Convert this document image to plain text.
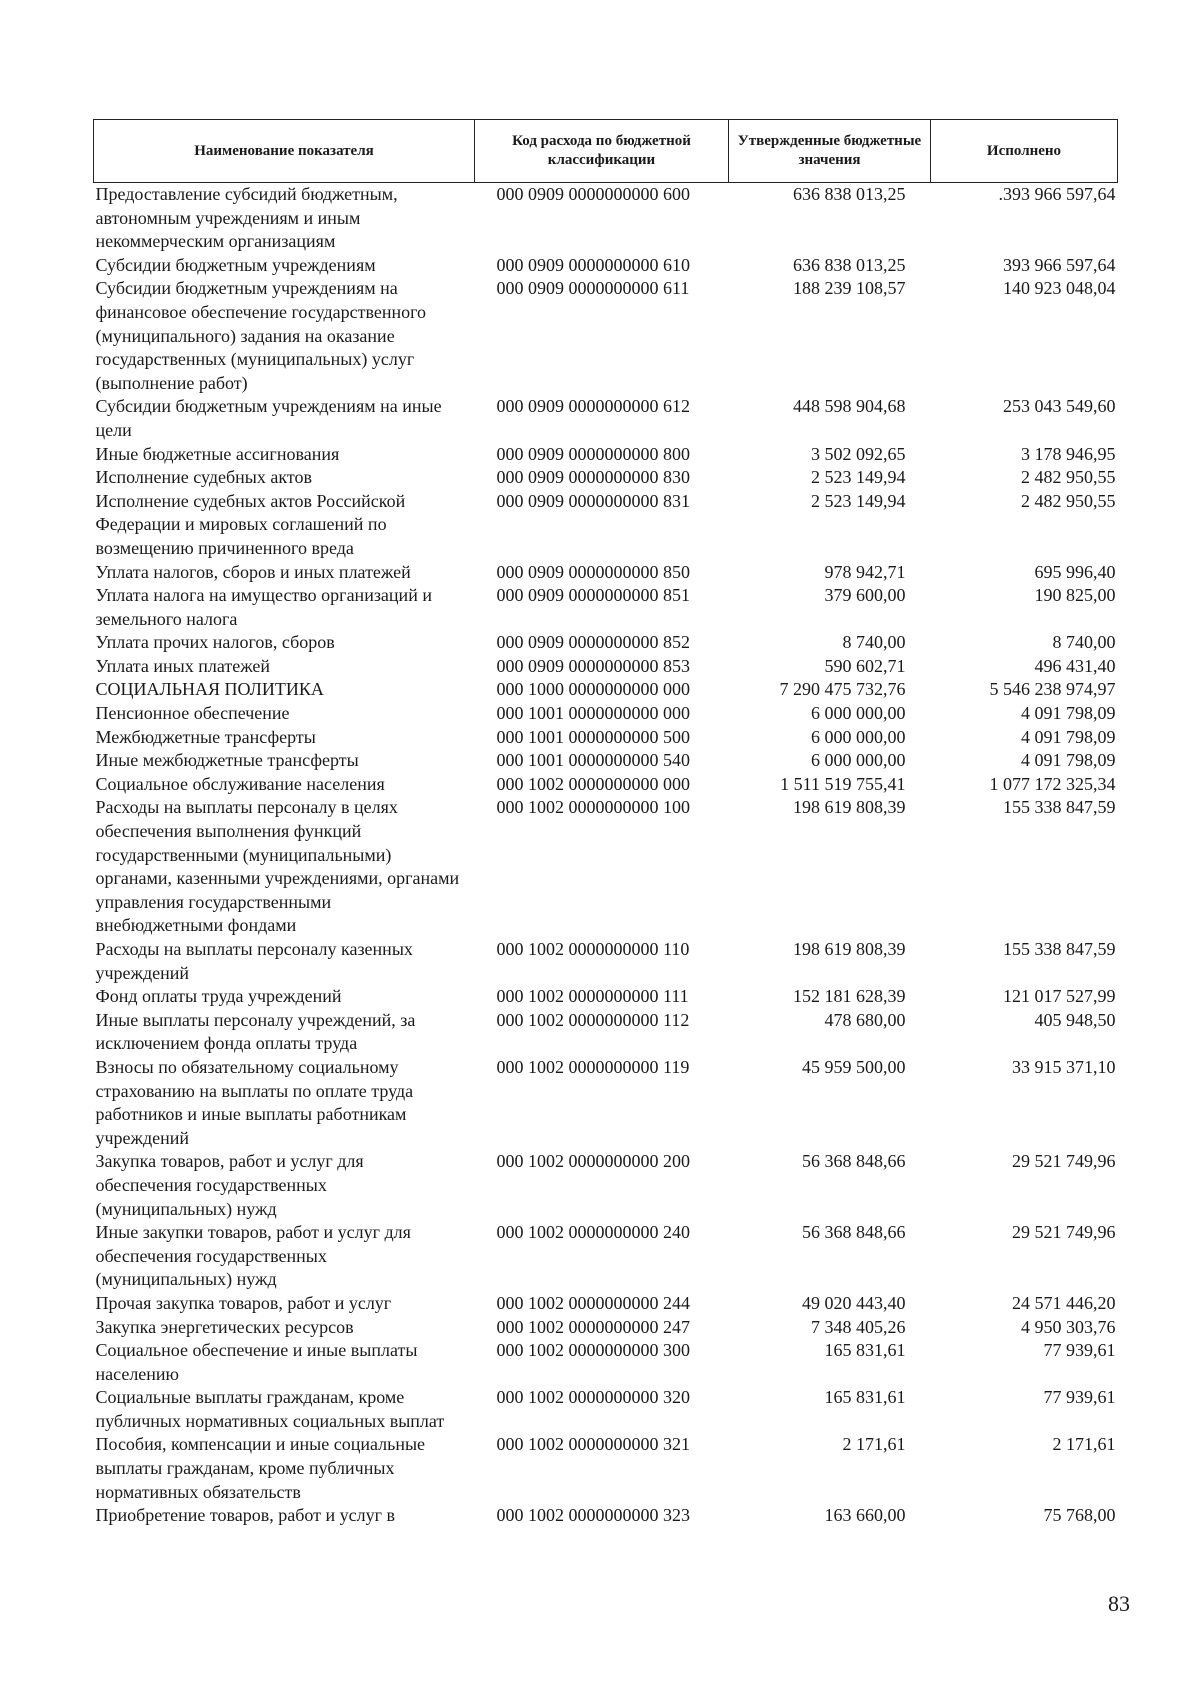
Наименование показателя	Код расхода по бюджетной классификации	Утвержденные бюджетные значения	Исполнено
Предоставление субсидий бюджетным, автономным учреждениям и иным некоммерческим организациям	000 0909 0000000000 600	636 838 013,25	.393 966 597,64
Субсидии бюджетным учреждениям	000 0909 0000000000 610	636 838 013,25	393 966 597,64
Субсидии бюджетным учреждениям на финансовое обеспечение государственного (муниципального) задания на оказание государственных (муниципальных) услуг (выполнение работ)	000 0909 0000000000 611	188 239 108,57	140 923 048,04
Субсидии бюджетным учреждениям на иные цели	000 0909 0000000000 612	448 598 904,68	253 043 549,60
Иные бюджетные ассигнования	000 0909 0000000000 800	3 502 092,65	3 178 946,95
Исполнение судебных актов	000 0909 0000000000 830	2 523 149,94	2 482 950,55
Исполнение судебных актов Российской Федерации и мировых соглашений по возмещению причиненного вреда	000 0909 0000000000 831	2 523 149,94	2 482 950,55
Уплата налогов, сборов и иных платежей	000 0909 0000000000 850	978 942,71	695 996,40
Уплата налога на имущество организаций и земельного налога	000 0909 0000000000 851	379 600,00	190 825,00
Уплата прочих налогов, сборов	000 0909 0000000000 852	8 740,00	8 740,00
Уплата иных платежей	000 0909 0000000000 853	590 602,71	496 431,40
СОЦИАЛЬНАЯ ПОЛИТИКА	000 1000 0000000000 000	7 290 475 732,76	5 546 238 974,97
Пенсионное обеспечение	000 1001 0000000000 000	6 000 000,00	4 091 798,09
Межбюджетные трансферты	000 1001 0000000000 500	6 000 000,00	4 091 798,09
Иные межбюджетные трансферты	000 1001 0000000000 540	6 000 000,00	4 091 798,09
Социальное обслуживание населения	000 1002 0000000000 000	1 511 519 755,41	1 077 172 325,34
Расходы на выплаты персоналу в целях обеспечения выполнения функций государственными (муниципальными) органами, казенными учреждениями, органами управления государственными внебюджетными фондами	000 1002 0000000000 100	198 619 808,39	155 338 847,59
Расходы на выплаты персоналу казенных учреждений	000 1002 0000000000 110	198 619 808,39	155 338 847,59
Фонд оплаты труда учреждений	000 1002 0000000000 111	152 181 628,39	121 017 527,99
Иные выплаты персоналу учреждений, за исключением фонда оплаты труда	000 1002 0000000000 112	478 680,00	405 948,50
Взносы по обязательному социальному страхованию на выплаты по оплате труда работников и иные выплаты работникам учреждений	000 1002 0000000000 119	45 959 500,00	33 915 371,10
Закупка товаров, работ и услуг для обеспечения государственных (муниципальных) нужд	000 1002 0000000000 200	56 368 848,66	29 521 749,96
Иные закупки товаров, работ и услуг для обеспечения государственных (муниципальных) нужд	000 1002 0000000000 240	56 368 848,66	29 521 749,96
Прочая закупка товаров, работ и услуг	000 1002 0000000000 244	49 020 443,40	24 571 446,20
Закупка энергетических ресурсов	000 1002 0000000000 247	7 348 405,26	4 950 303,76
Социальное обеспечение и иные выплаты населению	000 1002 0000000000 300	165 831,61	77 939,61
Социальные выплаты гражданам, кроме публичных нормативных социальных выплат	000 1002 0000000000 320	165 831,61	77 939,61
Пособия, компенсации и иные социальные выплаты гражданам, кроме публичных нормативных обязательств	000 1002 0000000000 321	2 171,61	2 171,61
Приобретение товаров, работ и услуг в	000 1002 0000000000 323	163 660,00	75 768,00
83
